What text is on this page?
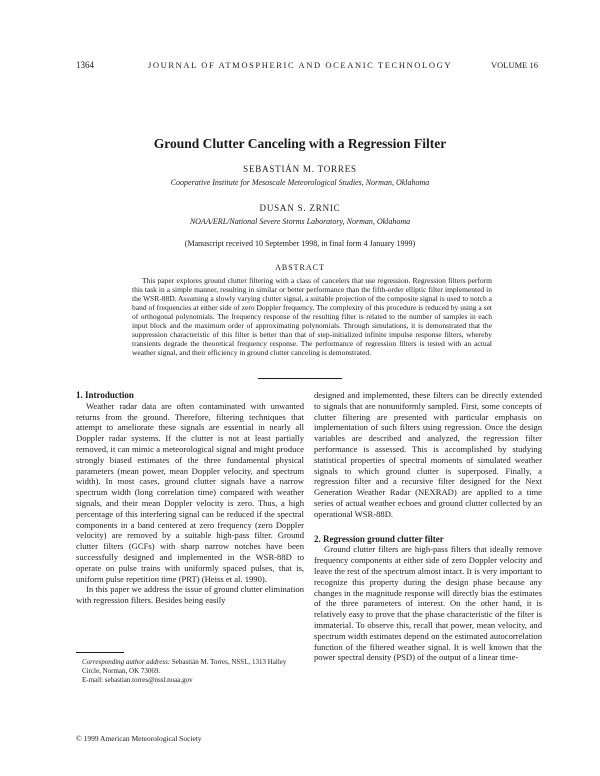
1364	JOURNAL OF ATMOSPHERIC AND OCEANIC TECHNOLOGY	VOLUME 16
Ground Clutter Canceling with a Regression Filter
SEBASTIÁN M. TORRES
Cooperative Institute for Mesoscale Meteorological Studies, Norman, Oklahoma
DUSAN S. ZRNIC
NOAA/ERL/National Severe Storms Laboratory, Norman, Oklahoma
(Manuscript received 10 September 1998, in final form 4 January 1999)
ABSTRACT

This paper explores ground clutter filtering with a class of cancelers that use regression. Regression filters perform this task in a simple manner, resulting in similar or better performance than the fifth-order elliptic filter implemented in the WSR-88D. Assuming a slowly varying clutter signal, a suitable projection of the composite signal is used to notch a band of frequencies at either side of zero Doppler frequency. The complexity of this procedure is reduced by using a set of orthogonal polynomials. The frequency response of the resulting filter is related to the number of samples in each input block and the maximum order of approximating polynomials. Through simulations, it is demonstrated that the suppression characteristic of this filter is better than that of step-initialized infinite impulse response filters, whereby transients degrade the theoretical frequency response. The performance of regression filters is tested with an actual weather signal, and their efficiency in ground clutter canceling is demonstrated.

1. Introduction

Weather radar data are often contaminated with unwanted returns from the ground. Therefore, filtering techniques that attempt to ameliorate these signals are essential in nearly all Doppler radar systems. If the clutter is not at least partially removed, it can mimic a meteorological signal and might produce strongly biased estimates of the three fundamental physical parameters (mean power, mean Doppler velocity, and spectrum width). In most cases, ground clutter signals have a narrow spectrum width (long correlation time) compared with weather signals, and their mean Doppler velocity is zero. Thus, a high percentage of this interfering signal can be reduced if the spectral components in a band centered at zero frequency (zero Doppler velocity) are removed by a suitable high-pass filter. Ground clutter filters (GCFs) with sharp narrow notches have been successfully designed and implemented in the WSR-88D to operate on pulse trains with uniformly spaced pulses, that is, uniform pulse repetition time (PRT) (Heiss et al. 1990).

In this paper we address the issue of ground clutter elimination with regression filters. Besides being easily

designed and implemented, these filters can be directly extended to signals that are nonuniformly sampled. First, some concepts of clutter filtering are presented with particular emphasis on implementation of such filters using regression. Once the design variables are described and analyzed, the regression filter performance is assessed. This is accomplished by studying statistical properties of spectral moments of simulated weather signals to which ground clutter is superposed. Finally, a regression filter and a recursive filter designed for the Next Generation Weather Radar (NEXRAD) are applied to a time series of actual weather echoes and ground clutter collected by an operational WSR-88D.

2. Regression ground clutter filter

Ground clutter filters are high-pass filters that ideally remove frequency components at either side of zero Doppler velocity and leave the rest of the spectrum almost intact. It is very important to recognize this property during the design phase because any changes in the magnitude response will directly bias the estimates of the three parameters of interest. On the other hand, it is relatively easy to prove that the phase characteristic of the filter is immaterial. To observe this, recall that power, mean velocity, and spectrum width estimates depend on the estimated autocorrelation function of the filtered weather signal. It is well known that the power spectral density (PSD) of the output of a linear time-

Corresponding author address: Sebastián M. Torres, NSSL, 1313 Halley Circle, Norman, OK 73069.
E-mail: sebastian.torres@nssl.noaa.gov
© 1999 American Meteorological Society
